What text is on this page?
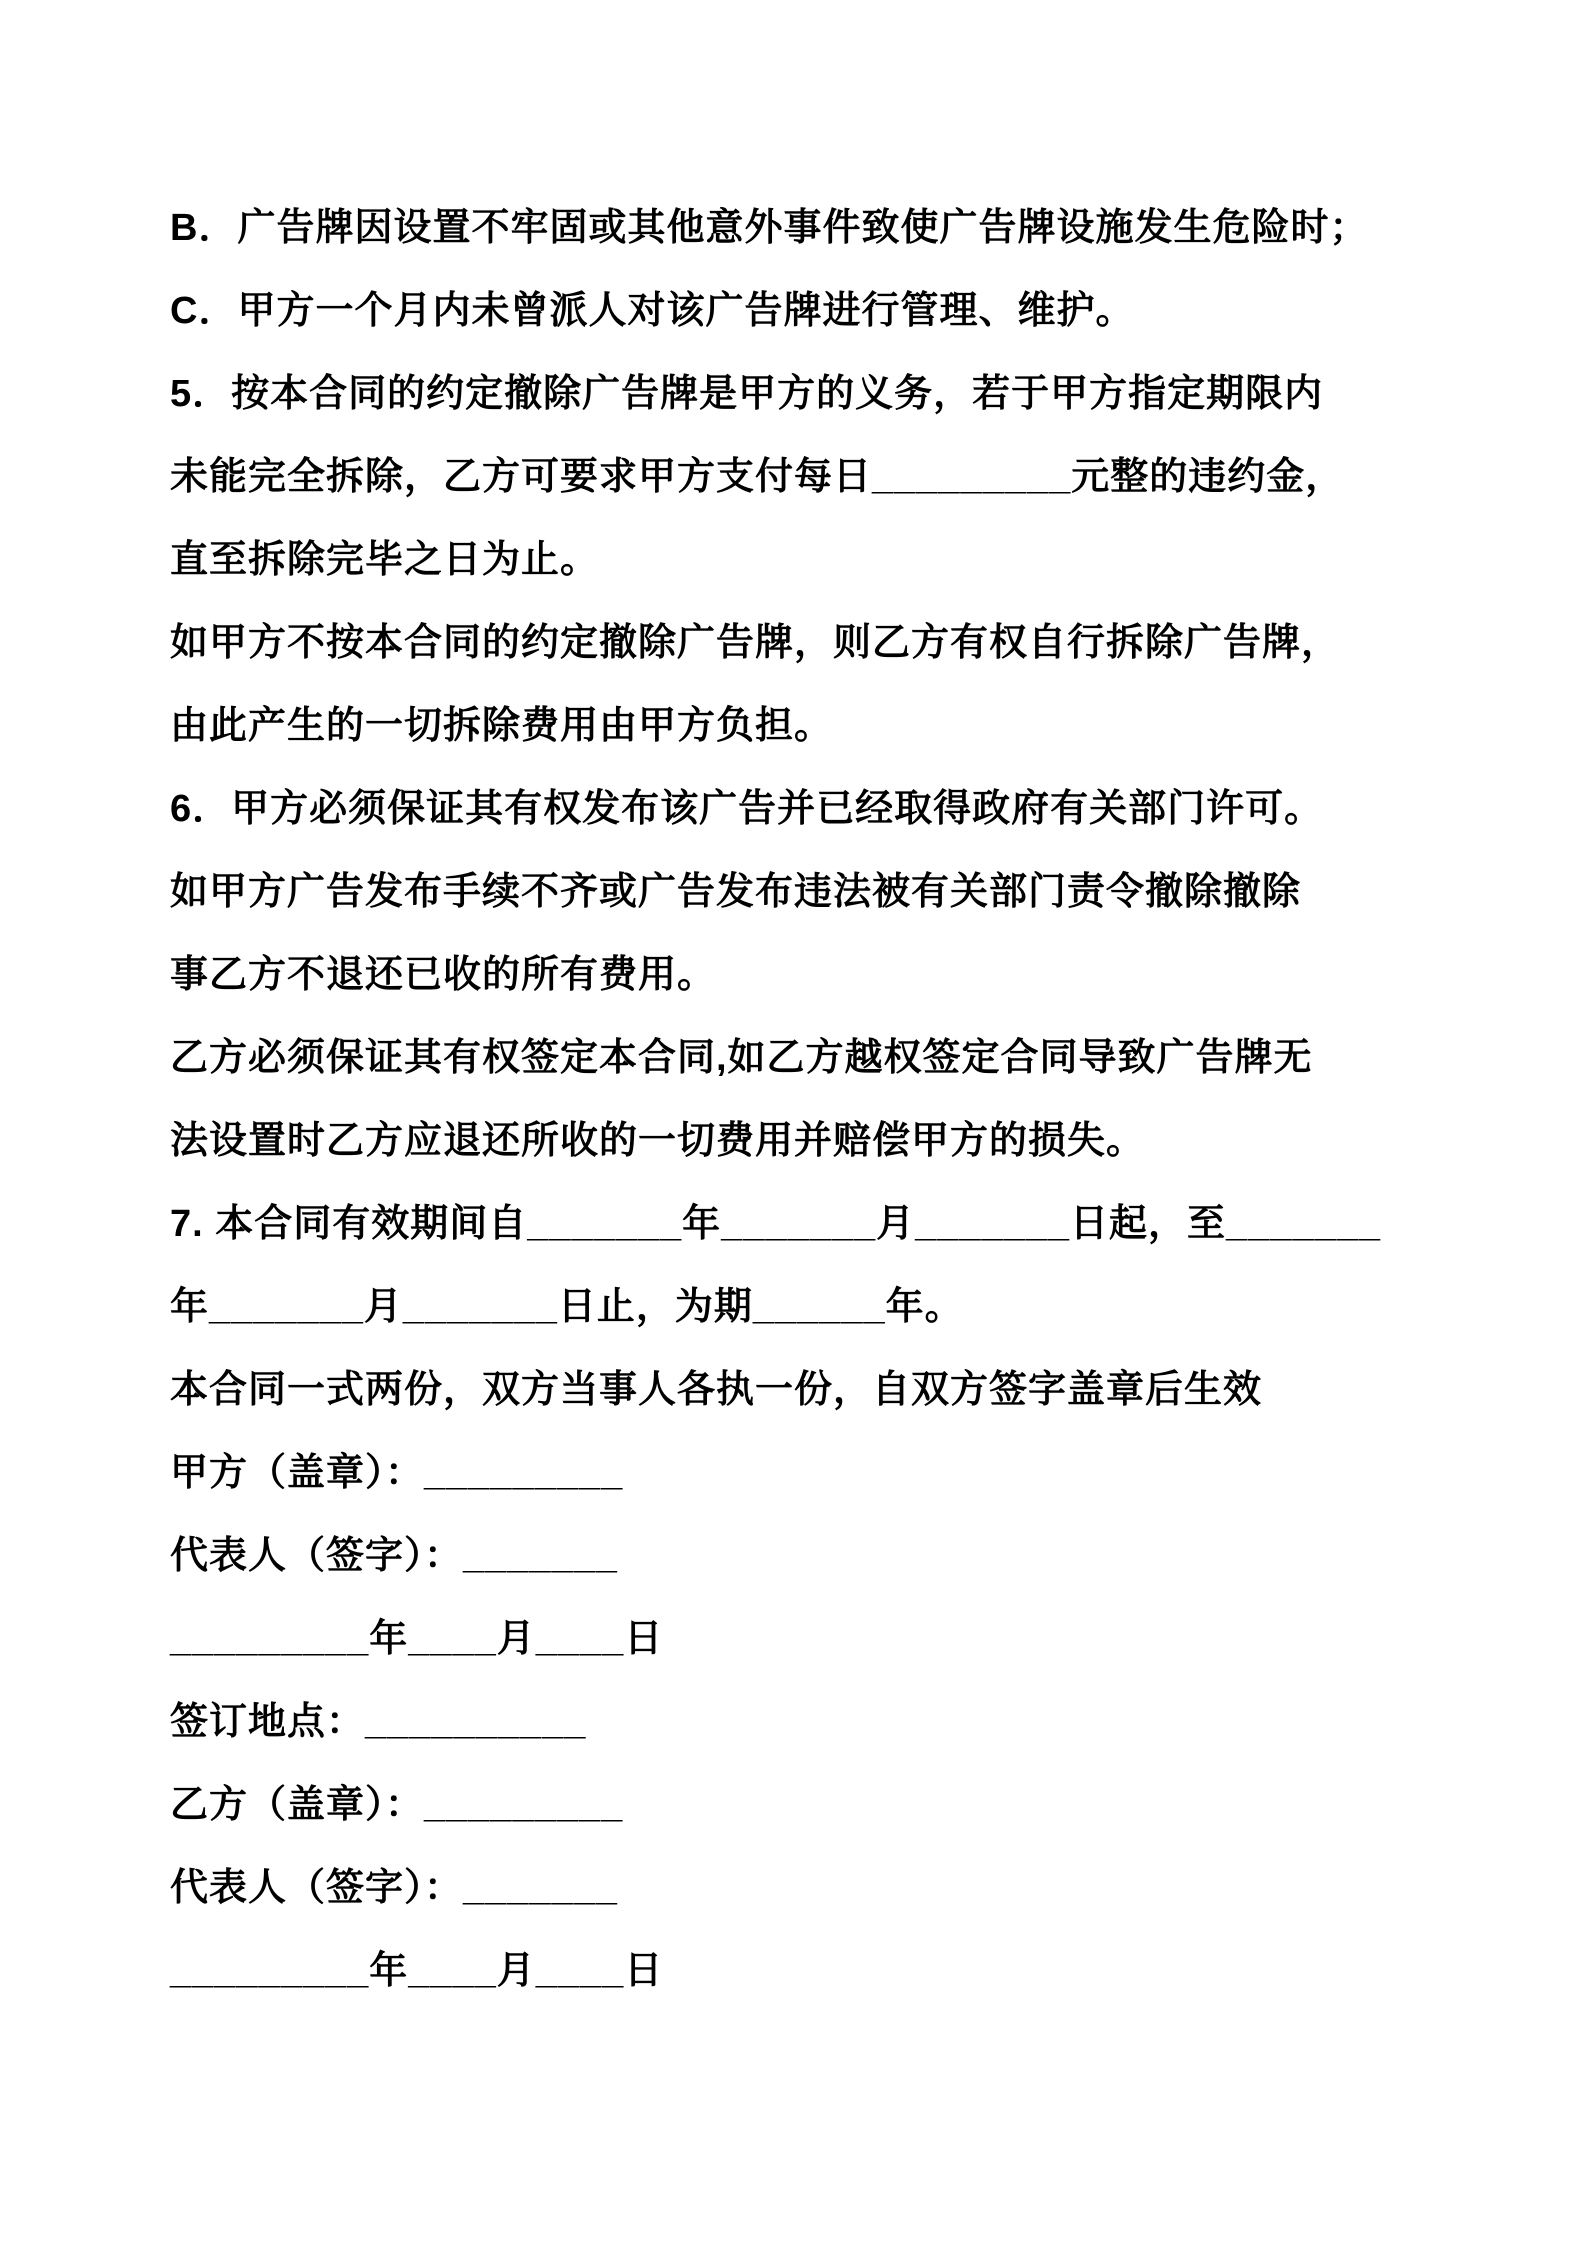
B．广告牌因设置不牢固或其他意外事件致使广告牌设施发生危险时；

C．甲方一个月内未曾派人对该广告牌进行管理、维护。

5．按本合同的约定撤除广告牌是甲方的义务，若于甲方指定期限内

未能完全拆除，乙方可要求甲方支付每日_________元整的违约金，

直至拆除完毕之日为止。

如甲方不按本合同的约定撤除广告牌，则乙方有权自行拆除广告牌，

由此产生的一切拆除费用由甲方负担。

6．甲方必须保证其有权发布该广告并已经取得政府有关部门许可。

如甲方广告发布手续不齐或广告发布违法被有关部门责令撤除撤除

事乙方不退还已收的所有费用。

乙方必须保证其有权签定本合同,如乙方越权签定合同导致广告牌无

法设置时乙方应退还所收的一切费用并赔偿甲方的损失。

7. 本合同有效期间自_______年_______月_______日起，至_______

年_______月_______日止，为期______年。

本合同一式两份，双方当事人各执一份，自双方签字盖章后生效

甲方（盖章）：_________

代表人（签字）：_______

_________年____月____日

签订地点：__________

乙方（盖章）：_________

代表人（签字）：_______

_________年____月____日
